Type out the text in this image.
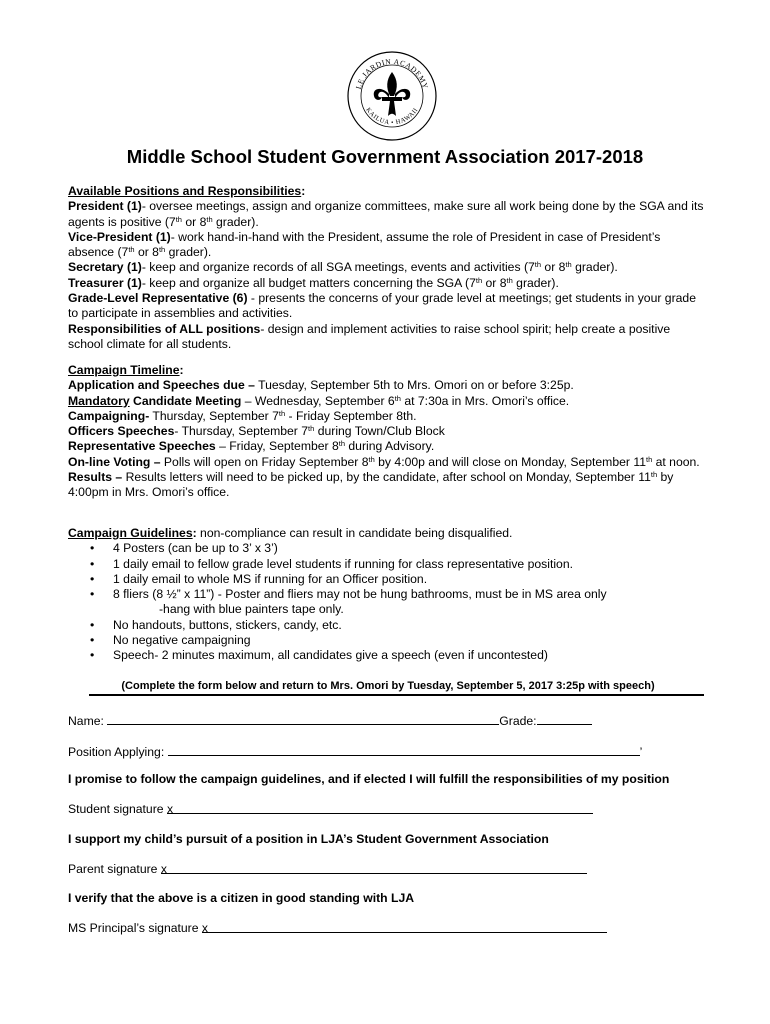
LE JARDIN ACADEMY
KAILUA • HAWAII
Middle School Student Government Association 2017-2018

Available Positions and Responsibilities:

President (1)- oversee meetings, assign and organize committees, make sure all work being done by the SGA and its agents is positive (7th or 8th grader).

Vice-President (1)- work hand-in-hand with the President, assume the role of President in case of President’s absence (7th or 8th grader).

Secretary (1)- keep and organize records of all SGA meetings, events and activities (7th or 8th grader).

Treasurer (1)- keep and organize all budget matters concerning the SGA (7th or 8th grader).

Grade-Level Representative (6) - presents the concerns of your grade level at meetings; get students in your grade to participate in assemblies and activities.

Responsibilities of ALL positions- design and implement activities to raise school spirit; help create a positive school climate for all students.

Campaign Timeline:

Application and Speeches due – Tuesday, September 5th to Mrs. Omori on or before 3:25p.

Mandatory Candidate Meeting – Wednesday, September 6th at 7:30a in Mrs. Omori’s office.

Campaigning- Thursday, September 7th - Friday September 8th.

Officers Speeches- Thursday, September 7th during Town/Club Block

Representative Speeches – Friday, September 8th during Advisory.

On-line Voting – Polls will open on Friday September 8th by 4:00p and will close on Monday, September 11th at noon.

Results – Results letters will need to be picked up, by the candidate, after school on Monday, September 11th by 4:00pm in Mrs. Omori’s office.

Campaign Guidelines: non-compliance can result in candidate being disqualified.

• 4 Posters (can be up to 3’ x 3’)
• 1 daily email to fellow grade level students if running for class representative position.
• 1 daily email to whole MS if running for an Officer position.
• 8 fliers (8 ½” x 11”) - Poster and fliers may not be hung bathrooms, must be in MS area only

-hang with blue painters tape only.

• No handouts, buttons, stickers, candy, etc.
• No negative campaigning
• Speech- 2 minutes maximum, all candidates give a speech (even if uncontested)
(Complete the form below and return to Mrs. Omori by Tuesday, September 5, 2017 3:25p with speech)
Name:	Grade:
Position Applying:	’
I promise to follow the campaign guidelines, and if elected I will fulfill the responsibilities of my position
Student signature x
I support my child’s pursuit of a position in LJA’s Student Government Association
Parent signature x
I verify that the above is a citizen in good standing with LJA
MS Principal’s signature x
